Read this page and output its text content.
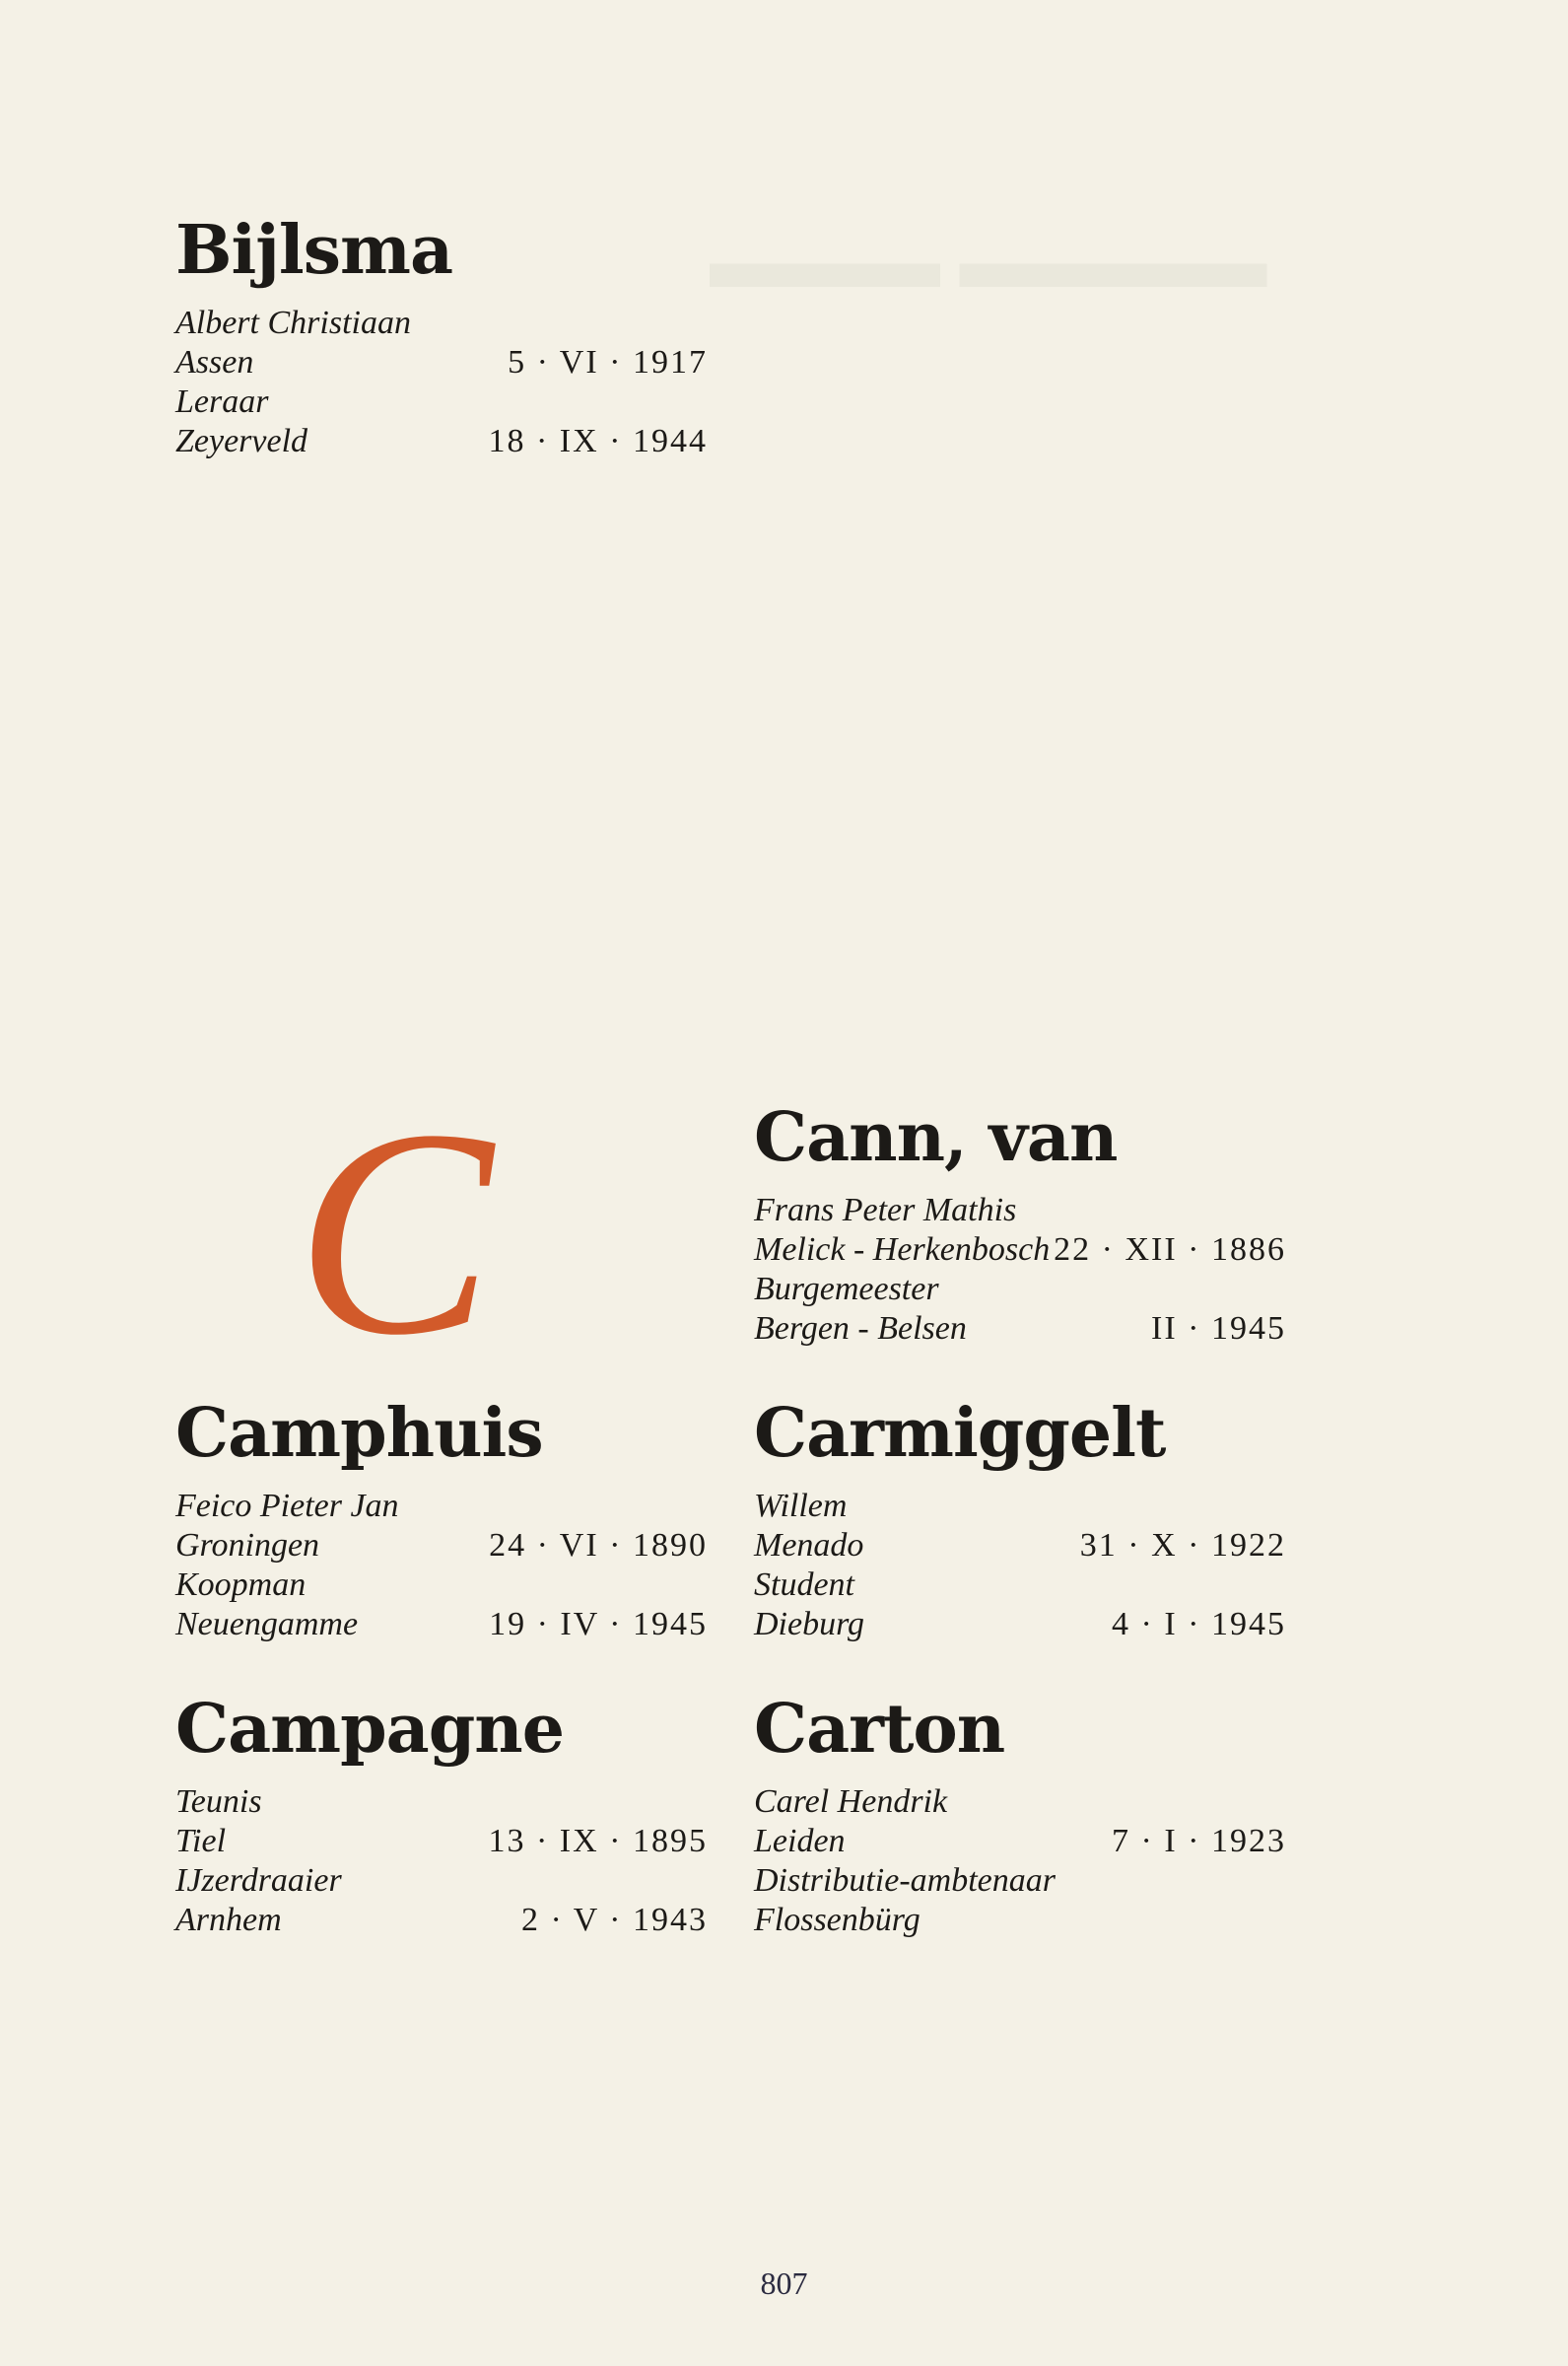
▬▬▬▬ ▬▬▬
Bijlsma
Albert Christiaan
Assen	5 · VI · 1917
Leraar
Zeyerveld	18 · IX · 1944
C	Cann, van
Frans Peter Mathis
Melick - Herkenbosch 22 · XII · 1886
Burgemeester
Bergen - Belsen	II · 1945
Camphuis
Feico Pieter Jan
Groningen	24 · VI · 1890
Koopman
Neuengamme	19 · IV · 1945
Carmiggelt
Willem
Menado	31 · X · 1922
Student
Dieburg	4 · I · 1945
Campagne
Teunis
Tiel	13 · IX · 1895
IJzerdraaier
Arnhem	2 · V · 1943
Carton
Carel Hendrik
Leiden	7 · I · 1923
Distributie-ambtenaar
Flossenbürg
807
